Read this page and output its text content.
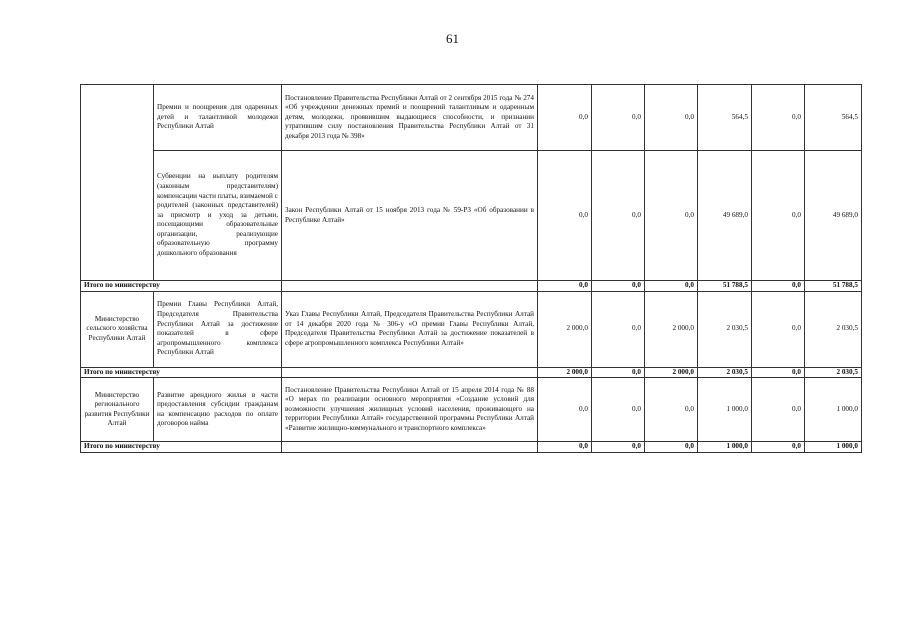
61
	Премии и поощрения для одаренных детей и талантливой молодежи Республики Алтай	Постановление Правительства Республики Алтай от 2 сентября 2015 года № 274 «Об учреждении денежных премий и поощрений талантливым и одаренным детям, молодежи, проявившим выдающиеся способности, и признании утратившим силу постановления Правительства Республики Алтай от 31 декабря 2013 года № 398»	0,0	0,0	0,0	564,5	0,0	564,5
	Субвенции на выплату родителям (законным представителям) компенсации части платы, взимаемой с родителей (законных представителей) за присмотр и уход за детьми, посещающими образовательные организации, реализующие образовательную программу дошкольного образования	Закон Республики Алтай от 15 ноября 2013 года № 59-РЗ «Об образовании в Республике Алтай»	0,0	0,0	0,0	49 689,0	0,0	49 689,0
Итого по министерству			0,0	0,0	0,0	51 788,5	0,0	51 788,5
Министерство сельского хозяйства Республики Алтай	Премии Главы Республики Алтай, Председателя Правительства Республики Алтай за достижение показателей в сфере агропромышленного комплекса Республики Алтай	Указ Главы Республики Алтай, Председателя Правительства Республики Алтай от 14 декабря 2020 года № 306-у «О премии Главы Республики Алтай, Председателя Правительства Республики Алтай за достижение показателей в сфере агропромышленного комплекса Республики Алтай»	2 000,0	0,0	2 000,0	2 030,5	0,0	2 030,5
Итого по министерству			2 000,0	0,0	2 000,0	2 030,5	0,0	2 030,5
Министерство регионального развития Республики Алтай	Развитие арендного жилья в части предоставления субсидии гражданам на компенсацию расходов по оплате договоров найма	Постановление Правительства Республики Алтай от 15 апреля 2014 года № 88 «О мерах по реализации основного мероприятия «Создание условий для возможности улучшения жилищных условий населения, проживающего на территории Республики Алтай» государственной программы Республики Алтай «Развитие жилищно-коммунального и транспортного комплекса»	0,0	0,0	0,0	1 000,0	0,0	1 000,0
Итого по министерству			0,0	0,0	0,0	1 000,0	0,0	1 000,0
